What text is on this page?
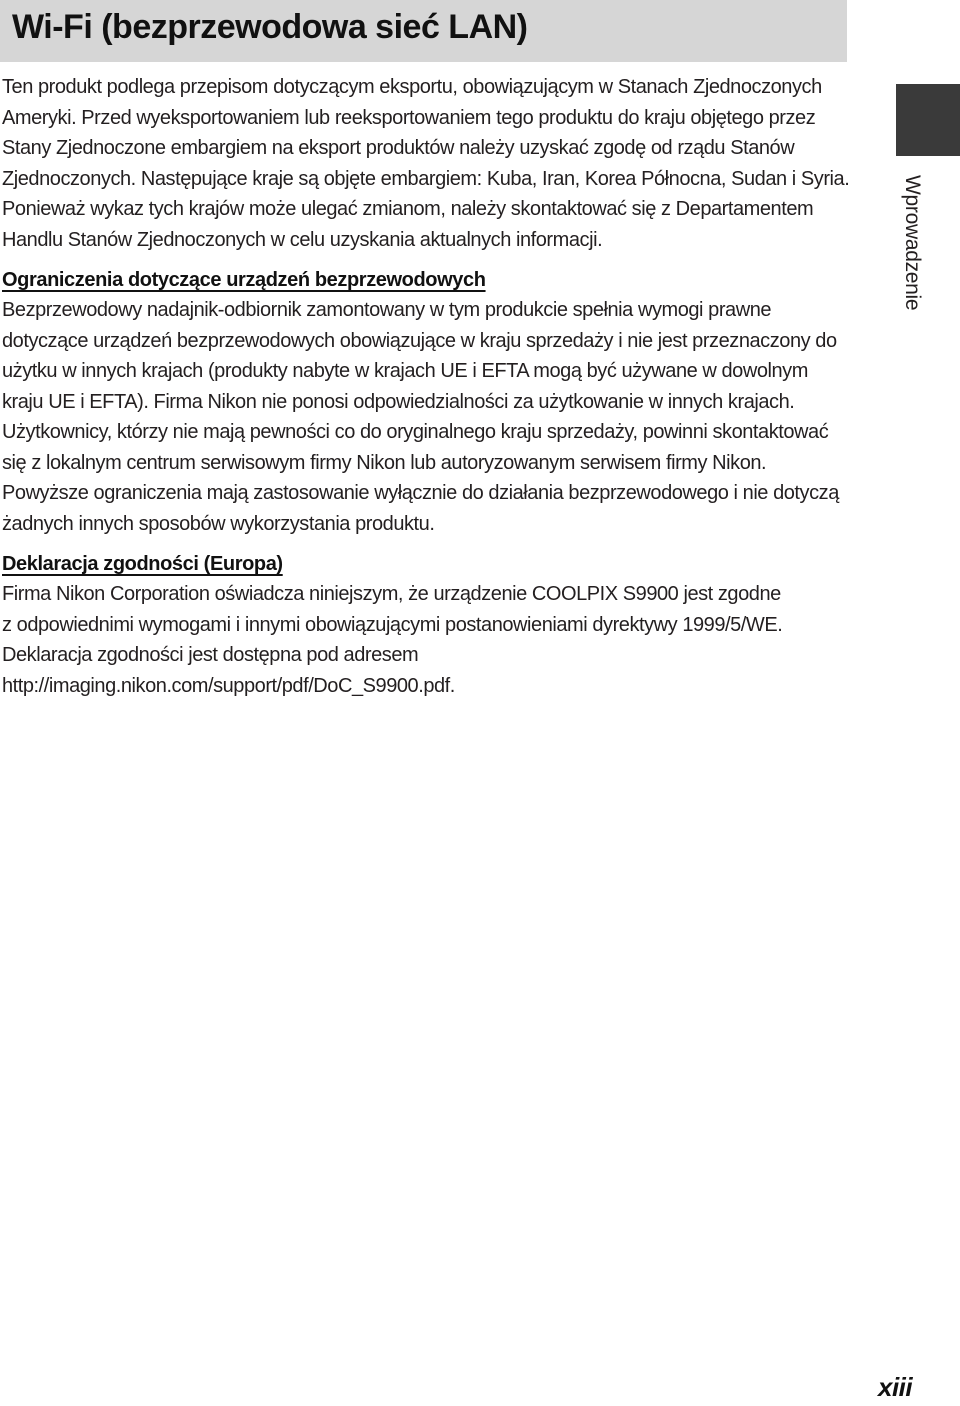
Wi-Fi (bezprzewodowa sieć LAN)
Wprowadzenie

Ten produkt podlega przepisom dotyczącym eksportu, obowiązującym w Stanach Zjednoczonych
Ameryki. Przed wyeksportowaniem lub reeksportowaniem tego produktu do kraju objętego przez
Stany Zjednoczone embargiem na eksport produktów należy uzyskać zgodę od rządu Stanów
Zjednoczonych. Następujące kraje są objęte embargiem: Kuba, Iran, Korea Północna, Sudan i Syria.
Ponieważ wykaz tych krajów może ulegać zmianom, należy skontaktować się z Departamentem
Handlu Stanów Zjednoczonych w celu uzyskania aktualnych informacji.

Ograniczenia dotyczące urządzeń bezprzewodowych

Bezprzewodowy nadajnik-odbiornik zamontowany w tym produkcie spełnia wymogi prawne
dotyczące urządzeń bezprzewodowych obowiązujące w kraju sprzedaży i nie jest przeznaczony do
użytku w innych krajach (produkty nabyte w krajach UE i EFTA mogą być używane w dowolnym
kraju UE i EFTA). Firma Nikon nie ponosi odpowiedzialności za użytkowanie w innych krajach.
Użytkownicy, którzy nie mają pewności co do oryginalnego kraju sprzedaży, powinni skontaktować
się z lokalnym centrum serwisowym firmy Nikon lub autoryzowanym serwisem firmy Nikon.
Powyższe ograniczenia mają zastosowanie wyłącznie do działania bezprzewodowego i nie dotyczą
żadnych innych sposobów wykorzystania produktu.

Deklaracja zgodności (Europa)

Firma Nikon Corporation oświadcza niniejszym, że urządzenie COOLPIX S9900 jest zgodne
z odpowiednimi wymogami i innymi obowiązującymi postanowieniami dyrektywy 1999/5/WE.
Deklaracja zgodności jest dostępna pod adresem
http://imaging.nikon.com/support/pdf/DoC_S9900.pdf.

xiii
